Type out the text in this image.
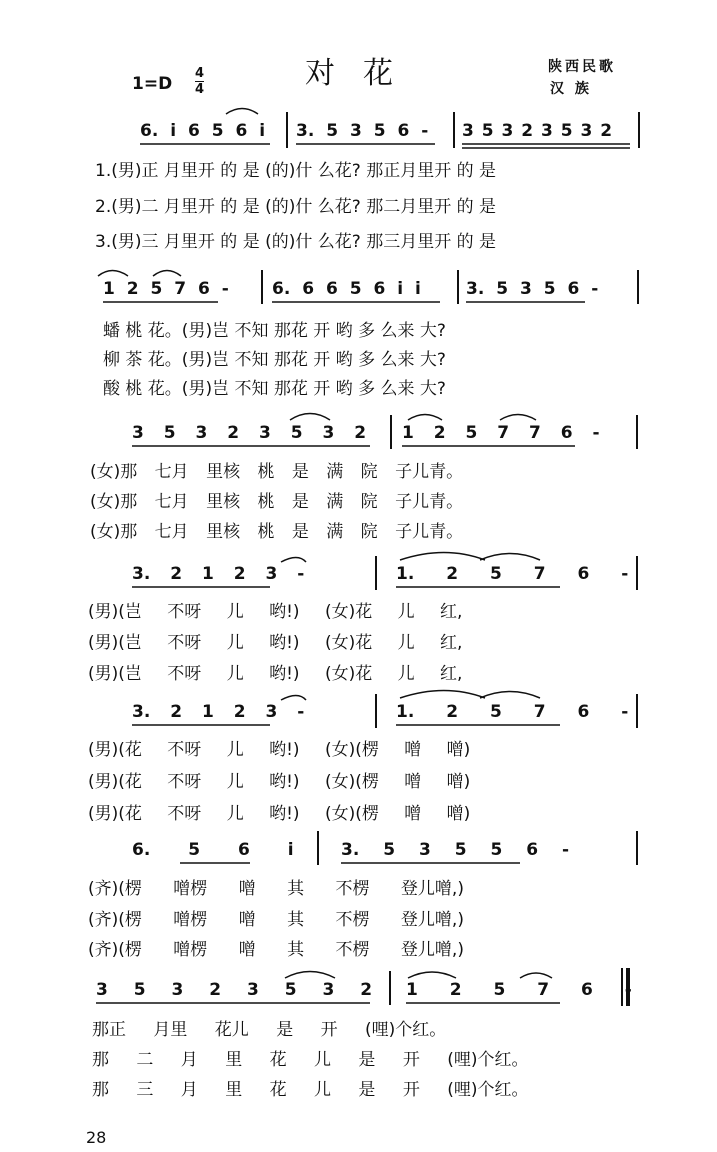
对花
1=D
4
4
陕西民歌
汉 族
6. i 6 5 6 i 3. 5 3 5 6 - 3 5 3 2 3 5 3 2
1.(男)正 月里开 的 是 (的)什 么花? 那正月里开 的 是
2.(男)二 月里开 的 是 (的)什 么花? 那二月里开 的 是
3.(男)三 月里开 的 是 (的)什 么花? 那三月里开 的 是
1 2 5 7 6 -	6. 6 6 5 6 i i	3. 5 3 5 6 -
蟠 桃 花。(男)岂 不知 那花 开 哟 多 么来 大?
柳 茶 花。(男)岂 不知 那花 开 哟 多 么来 大?
酸 桃 花。(男)岂 不知 那花 开 哟 多 么来 大?
3 5 3 2 3 5 3 2 1 2 5 7 7 6 -
(女)那 七月 里核 桃 是 满 院 子儿青。
(女)那 七月 里核 桃 是 满 院 子儿青。
(女)那 七月 里核 桃 是 满 院 子儿青。
3. 2 1 2 3 -	1. 2 5 7 6 -
(男)(岂 不呀 儿 哟!) (女)花 儿 红,
(男)(岂 不呀 儿 哟!) (女)花 儿 红,
(男)(岂 不呀 儿 哟!) (女)花 儿 红,
3. 2 1 2 3 -	1. 2 5 7 6 -
(男)(花 不呀 儿 哟!) (女)(楞 噌 噌)
(男)(花 不呀 儿 哟!) (女)(楞 噌 噌)
(男)(花 不呀 儿 哟!) (女)(楞 噌 噌)
6. 5 6 i	3. 5 3 5 5 6 -
(齐)(楞 噌楞 噌 其 不楞 登儿噌,)
(齐)(楞 噌楞 噌 其 不楞 登儿噌,)
(齐)(楞 噌楞 噌 其 不楞 登儿噌,)
3 5 3 2 3 5 3 2 1 2 5 7 6 -
那正 月里 花儿 是 开 (哩)个红。
那 二 月 里 花 儿 是 开 (哩)个红。
那 三 月 里 花 儿 是 开 (哩)个红。
28
